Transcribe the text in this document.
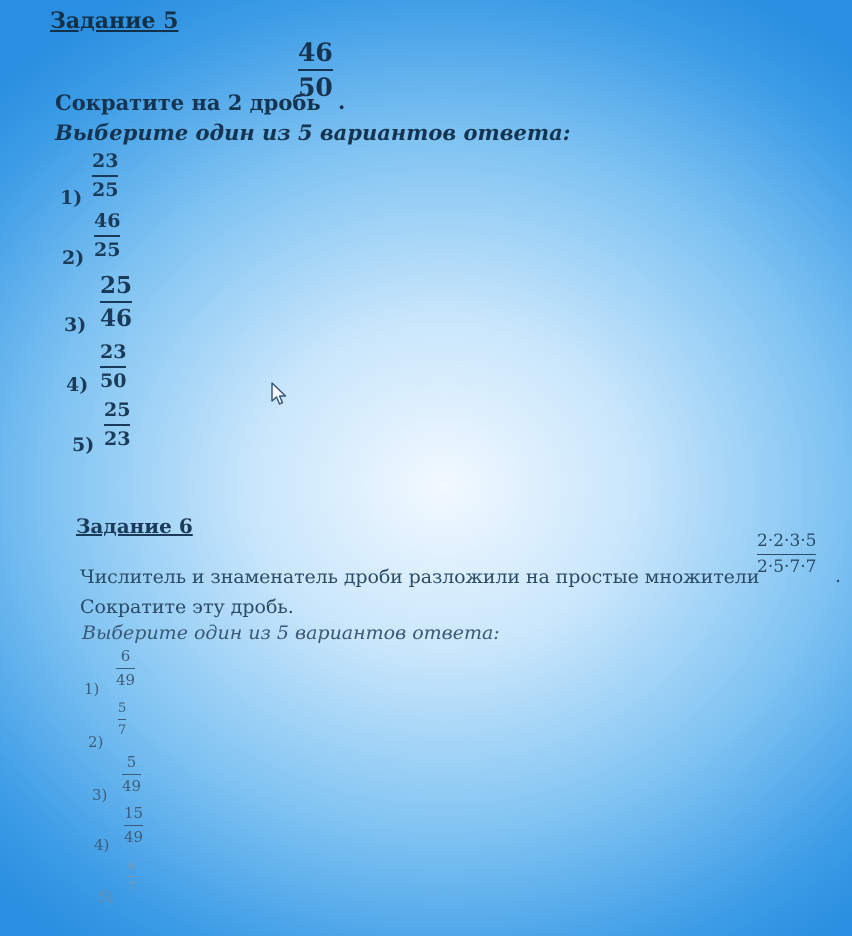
Задание 5
46
50
Сократите на 2 дробь .
Выберите один из 5 вариантов ответа:
1)
23
25
2)
46
25
3)
25
46
4)
23
50
5)
25
23
Задание 6
2·2·3·5
2·5·7·7
Числитель и знаменатель дроби разложили на простые множители	.
Сократите эту дробь.
Выберите один из 5 вариантов ответа:
1)
6
49
2)
5
7
3)
5
49
4)
15
49
5)
6
7
